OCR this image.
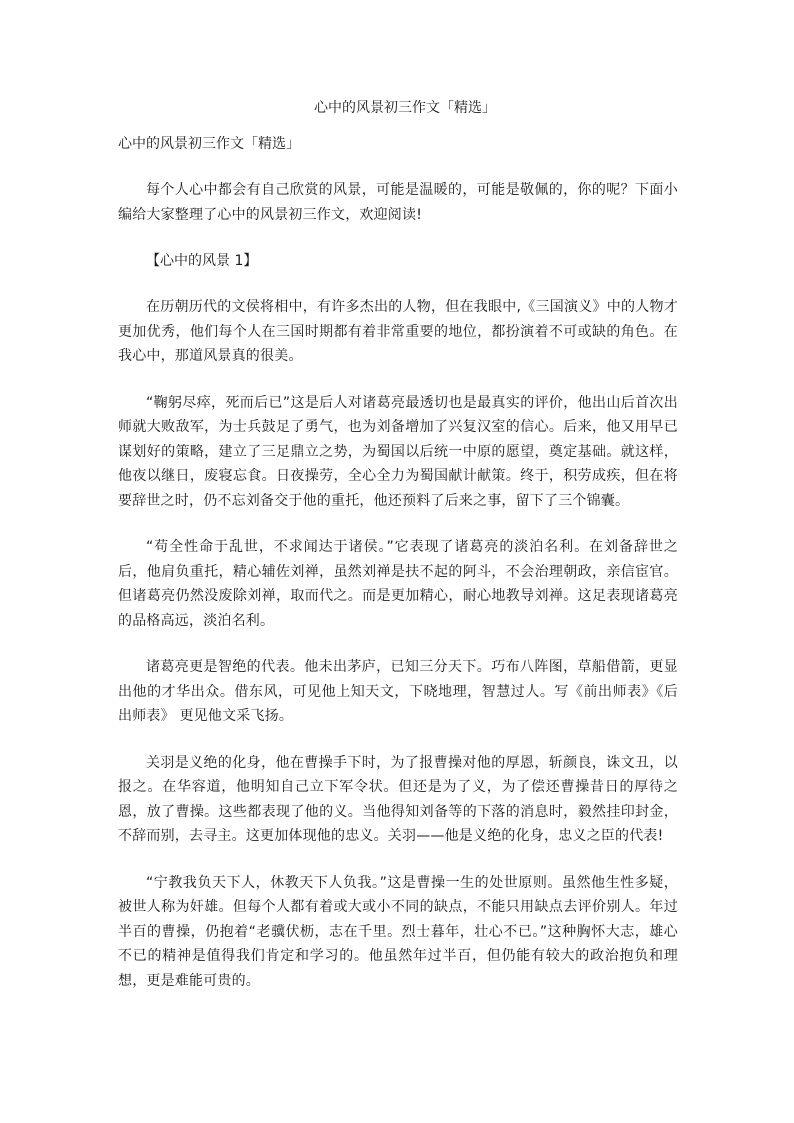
心中的风景初三作文「精选」
心中的风景初三作文「精选」

每个人心中都会有自己欣赏的风景，可能是温暖的，可能是敬佩的，你的呢？下面小编给大家整理了心中的风景初三作文，欢迎阅读!

【心中的风景 1】

在历朝历代的文侯将相中，有许多杰出的人物，但在我眼中,《三国演义》中的人物才更加优秀，他们每个人在三国时期都有着非常重要的地位，都扮演着不可或缺的角色。在我心中，那道风景真的很美。

“鞠躬尽瘁，死而后已”这是后人对诸葛亮最透切也是最真实的评价，他出山后首次出师就大败敌军，为士兵鼓足了勇气，也为刘备增加了兴复汉室的信心。后来，他又用早已谋划好的策略，建立了三足鼎立之势，为蜀国以后统一中原的愿望，奠定基础。就这样，他夜以继日，废寝忘食。日夜操劳，全心全力为蜀国献计献策。终于，积劳成疾，但在将要辞世之时，仍不忘刘备交于他的重托，他还预料了后来之事，留下了三个锦囊。

“苟全性命于乱世，不求闻达于诸侯。”它表现了诸葛亮的淡泊名利。在刘备辞世之后，他肩负重托，精心辅佐刘禅，虽然刘禅是扶不起的阿斗，不会治理朝政，亲信宦官。但诸葛亮仍然没废除刘禅，取而代之。而是更加精心，耐心地教导刘禅。这足表现诸葛亮的品格高远，淡泊名利。

诸葛亮更是智绝的代表。他未出茅庐，已知三分天下。巧布八阵图，草船借箭，更显出他的才华出众。借东风，可见他上知天文，下晓地理，智慧过人。写《前出师表》《后出师表》 更见他文采飞扬。

关羽是义绝的化身，他在曹操手下时，为了报曹操对他的厚恩，斩颜良，诛文丑，以报之。在华容道，他明知自己立下军令状。但还是为了义，为了偿还曹操昔日的厚待之恩，放了曹操。这些都表现了他的义。当他得知刘备等的下落的消息时，毅然挂印封金，不辞而别，去寻主。这更加体现他的忠义。关羽——他是义绝的化身，忠义之臣的代表!

“宁教我负天下人，休教天下人负我。”这是曹操一生的处世原则。虽然他生性多疑，被世人称为奸雄。但每个人都有着或大或小不同的缺点，不能只用缺点去评价别人。年过半百的曹操，仍抱着“老骥伏枥，志在千里。烈士暮年，壮心不已。”这种胸怀大志，雄心不已的精神是值得我们肯定和学习的。他虽然年过半百，但仍能有较大的政治抱负和理想，更是难能可贵的。
